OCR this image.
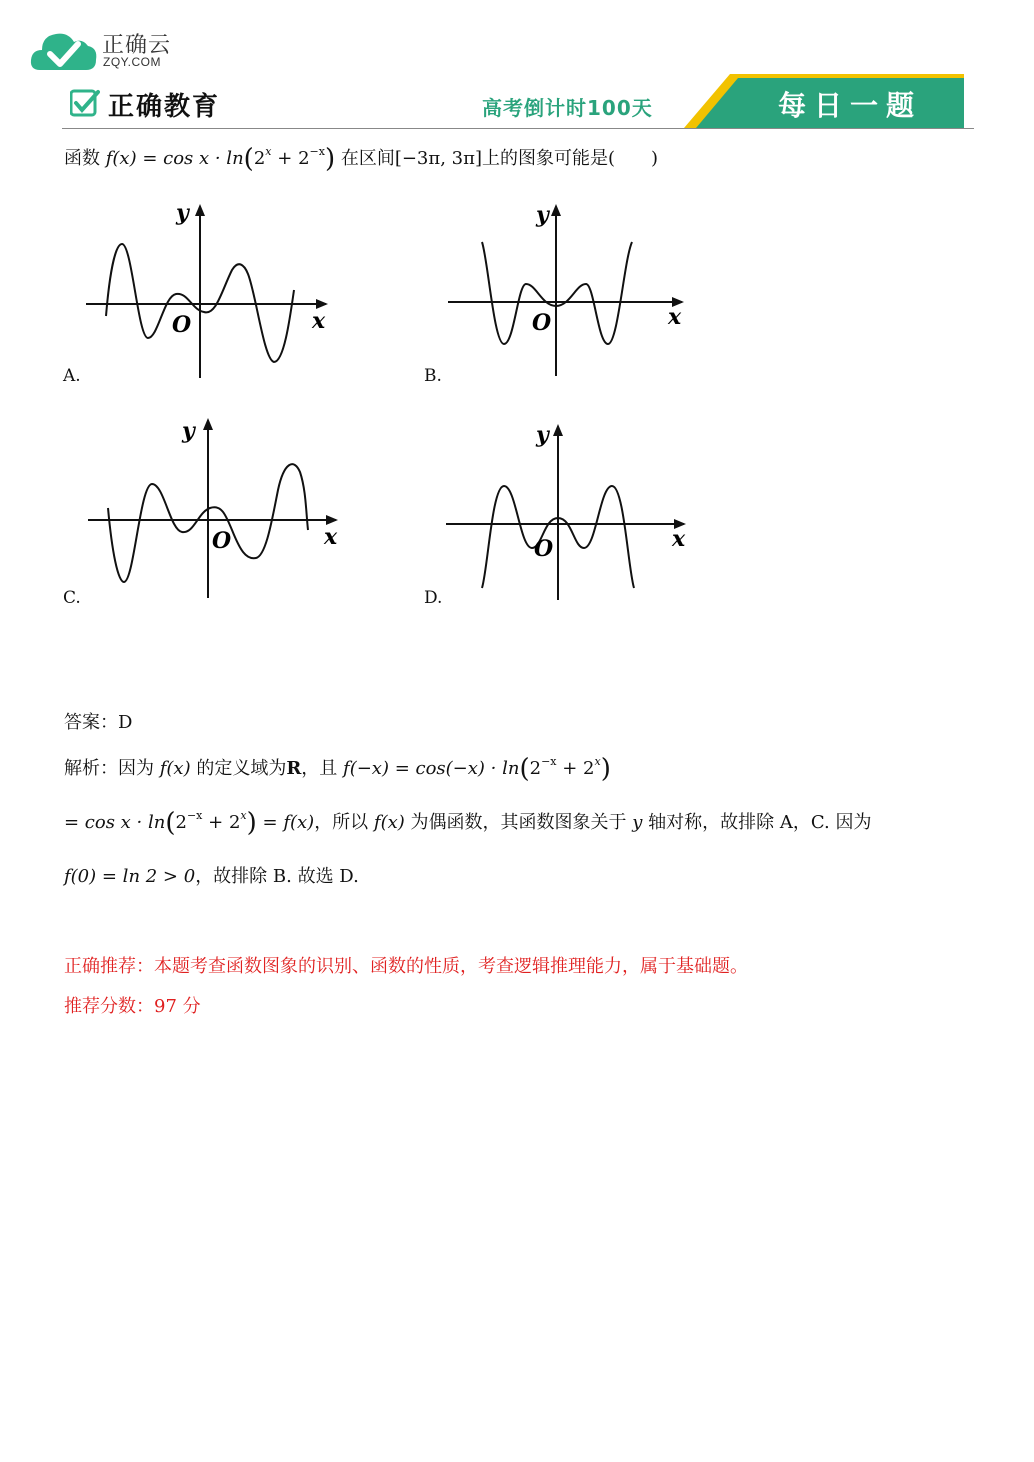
正确云
ZQY.COM
正确教育	高考倒计时100天	每日一题
函数 $f(x) = \cos x \cdot \ln(2^x + 2^{-x})$ 在区间[−3π, 3π]上的图象可能是(　　)
y
x
O
A.
y
x
O
B.
y
x
O
C.
y
x
O
D.
答案：D
解析：因为 f(x) 的定义域为R，且 $f(-x) = \cos(-x) \cdot \ln(2^{-x} + 2^x)$
= $\cos x \cdot \ln(2^{-x} + 2^x) = f(x)$，所以 f(x) 为偶函数，其函数图象关于 y 轴对称，故排除 A，C. 因为
f(0) = ln 2 > 0，故排除 B. 故选 D.
正确推荐：本题考查函数图象的识别、函数的性质，考查逻辑推理能力，属于基础题。
推荐分数：97 分
